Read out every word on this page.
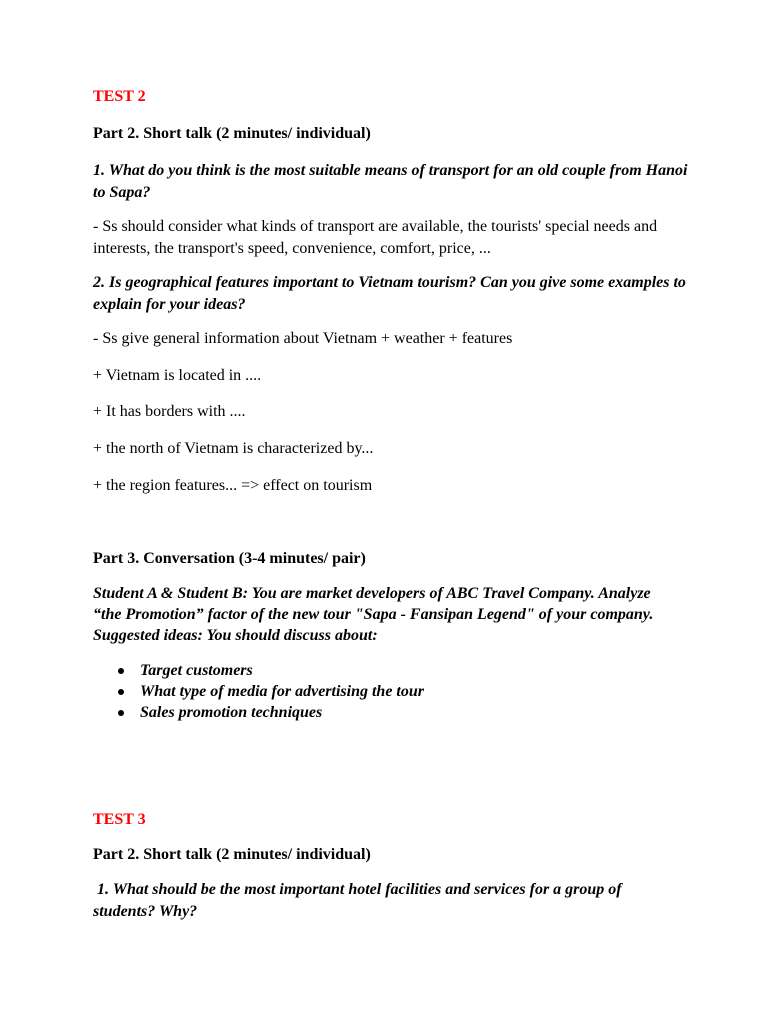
TEST 2

Part 2. Short talk (2 minutes/ individual)

1. What do you think is the most suitable means of transport for an old couple from Hanoi to Sapa?

- Ss should consider what kinds of transport are available, the tourists' special needs and interests, the transport's speed, convenience, comfort, price, ...

2. Is geographical features important to Vietnam tourism? Can you give some examples to explain for your ideas?

- Ss give general information about Vietnam + weather + features

+ Vietnam is located in ....

+ It has borders with ....

+ the north of Vietnam is characterized by...

+ the region features... => effect on tourism

Part 3. Conversation (3-4 minutes/ pair)

Student A & Student B: You are market developers of ABC Travel Company. Analyze “the Promotion” factor of the new tour "Sapa - Fansipan Legend" of your company. Suggested ideas: You should discuss about:

Target customers
What type of media for advertising the tour
Sales promotion techniques

TEST 3

Part 2. Short talk (2 minutes/ individual)

1. What should be the most important hotel facilities and services for a group of students? Why?
